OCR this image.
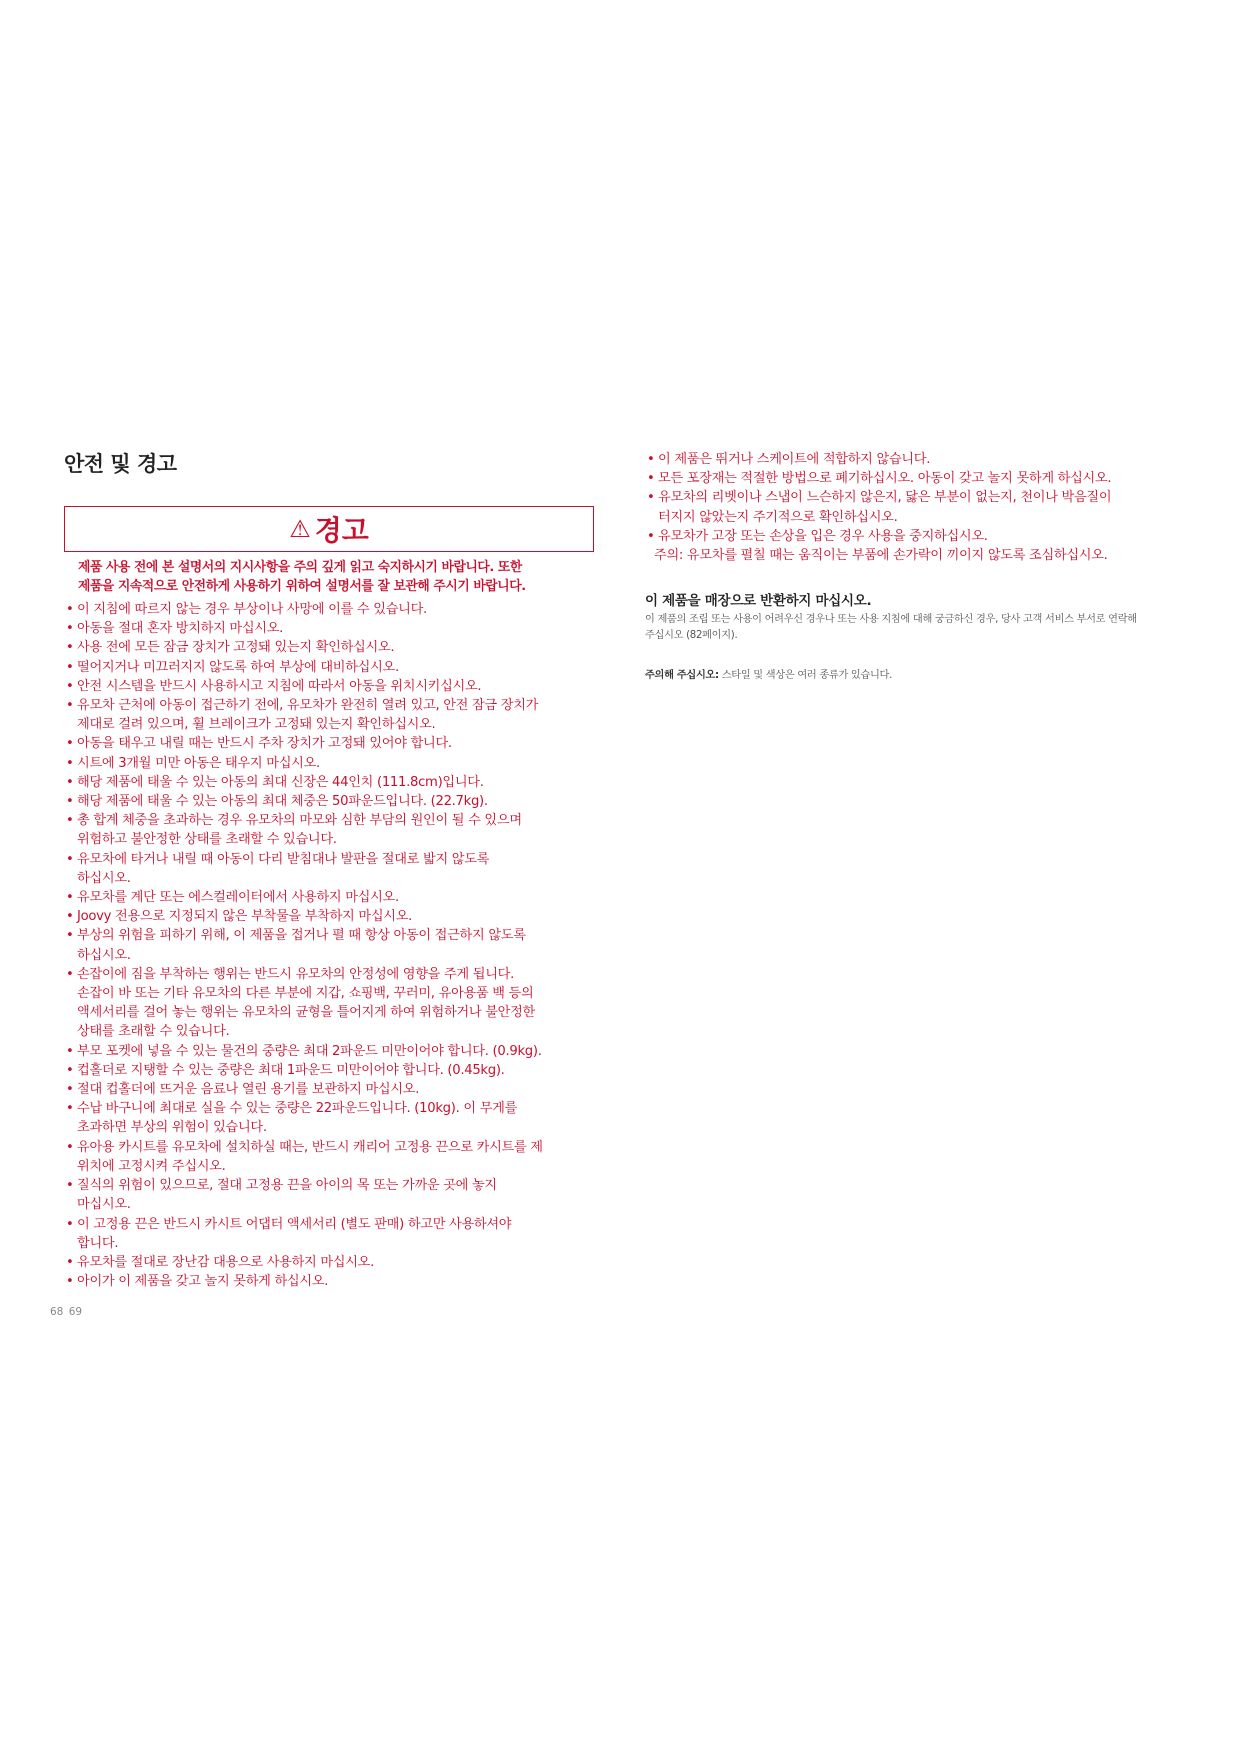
안전 및 경고
⚠ 경고
제품 사용 전에 본 설명서의 지시사항을 주의 깊게 읽고 숙지하시기 바랍니다. 또한
제품을 지속적으로 안전하게 사용하기 위하여 설명서를 잘 보관해 주시기 바랍니다.
• 이 지침에 따르지 않는 경우 부상이나 사망에 이를 수 있습니다.
• 아동을 절대 혼자 방치하지 마십시오.
• 사용 전에 모든 잠금 장치가 고정돼 있는지 확인하십시오.
• 떨어지거나 미끄러지지 않도록 하여 부상에 대비하십시오.
• 안전 시스템을 반드시 사용하시고 지침에 따라서 아동을 위치시키십시오.
• 유모차 근처에 아동이 접근하기 전에, 유모차가 완전히 열려 있고, 안전 잠금 장치가
제대로 걸려 있으며, 휠 브레이크가 고정돼 있는지 확인하십시오.
• 아동을 태우고 내릴 때는 반드시 주차 장치가 고정돼 있어야 합니다.
• 시트에 3개월 미만 아동은 태우지 마십시오.
• 해당 제품에 태울 수 있는 아동의 최대 신장은 44인치 (111.8cm)입니다.
• 해당 제품에 태울 수 있는 아동의 최대 체중은 50파운드입니다. (22.7kg).
• 총 합계 체중을 초과하는 경우 유모차의 마모와 심한 부담의 원인이 될 수 있으며
위험하고 불안정한 상태를 초래할 수 있습니다.
• 유모차에 타거나 내릴 때 아동이 다리 받침대나 발판을 절대로 밟지 않도록
하십시오.
• 유모차를 계단 또는 에스컬레이터에서 사용하지 마십시오.
• Joovy 전용으로 지정되지 않은 부착물을 부착하지 마십시오.
• 부상의 위험을 피하기 위해, 이 제품을 접거나 펼 때 항상 아동이 접근하지 않도록
하십시오.
• 손잡이에 짐을 부착하는 행위는 반드시 유모차의 안정성에 영향을 주게 됩니다.
손잡이 바 또는 기타 유모차의 다른 부분에 지갑, 쇼핑백, 꾸러미, 유아용품 백 등의
액세서리를 걸어 놓는 행위는 유모차의 균형을 틀어지게 하여 위험하거나 불안정한
상태를 초래할 수 있습니다.
• 부모 포켓에 넣을 수 있는 물건의 중량은 최대 2파운드 미만이어야 합니다. (0.9kg).
• 컵홀더로 지탱할 수 있는 중량은 최대 1파운드 미만이어야 합니다. (0.45kg).
• 절대 컵홀더에 뜨거운 음료나 열린 용기를 보관하지 마십시오.
• 수납 바구니에 최대로 실을 수 있는 중량은 22파운드입니다. (10kg). 이 무게를
초과하면 부상의 위험이 있습니다.
• 유아용 카시트를 유모차에 설치하실 때는, 반드시 캐리어 고정용 끈으로 카시트를 제
위치에 고정시켜 주십시오.
• 질식의 위험이 있으므로, 절대 고정용 끈을 아이의 목 또는 가까운 곳에 놓지
마십시오.
• 이 고정용 끈은 반드시 카시트 어댑터 액세서리 (별도 판매) 하고만 사용하셔야
합니다.
• 유모차를 절대로 장난감 대용으로 사용하지 마십시오.
• 아이가 이 제품을 갖고 놀지 못하게 하십시오.
• 이 제품은 뛰거나 스케이트에 적합하지 않습니다.
• 모든 포장재는 적절한 방법으로 폐기하십시오. 아동이 갖고 놀지 못하게 하십시오.
• 유모차의 리벳이나 스냅이 느슨하지 않은지, 닳은 부분이 없는지, 천이나 박음질이
터지지 않았는지 주기적으로 확인하십시오.
• 유모차가 고장 또는 손상을 입은 경우 사용을 중지하십시오.
주의: 유모차를 펼칠 때는 움직이는 부품에 손가락이 끼이지 않도록 조심하십시오.
이 제품을 매장으로 반환하지 마십시오.
이 제품의 조립 또는 사용이 어려우신 경우나 또는 사용 지침에 대해 궁금하신 경우, 당사 고객 서비스 부서로 연락해
주십시오 (82페이지).
주의해 주십시오: 스타일 및 색상은 여러 종류가 있습니다.
68 69
